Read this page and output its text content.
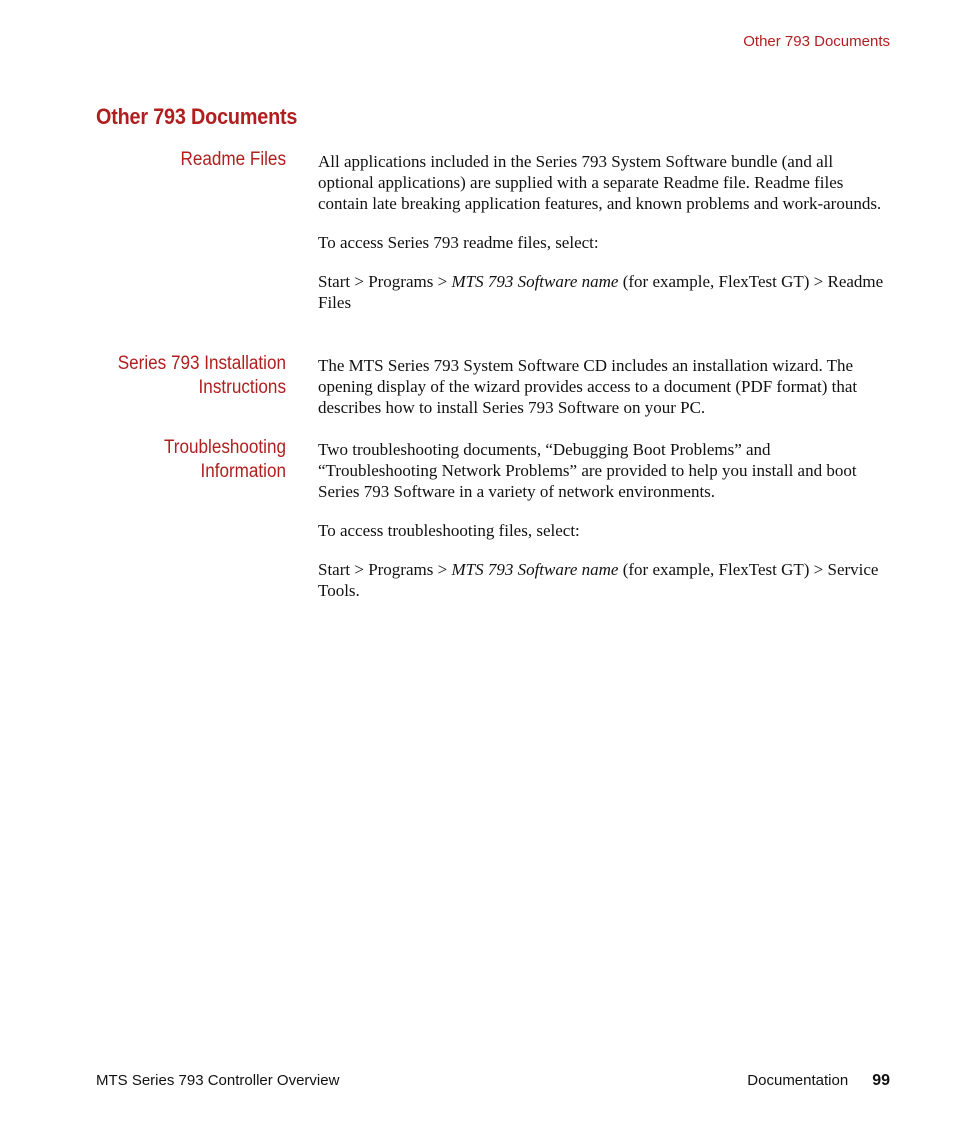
Other 793 Documents
Other 793 Documents
Readme Files All applications included in the Series 793 System Software bundle (and all optional applications) are supplied with a separate Readme file. Readme files contain late breaking application features, and known problems and work-arounds.

To access Series 793 readme files, select:

Start > Programs > MTS 793 Software name (for example, FlexTest GT) > Readme Files

Series 793 Installation
Instructions

The MTS Series 793 System Software CD includes an installation wizard. The opening display of the wizard provides access to a document (PDF format) that describes how to install Series 793 Software on your PC.

Troubleshooting
Information

Two troubleshooting documents, “Debugging Boot Problems” and “Troubleshooting Network Problems” are provided to help you install and boot Series 793 Software in a variety of network environments.

To access troubleshooting files, select:

Start > Programs > MTS 793 Software name (for example, FlexTest GT) > Service Tools.

MTS Series 793 Controller Overview	Documentation 99
